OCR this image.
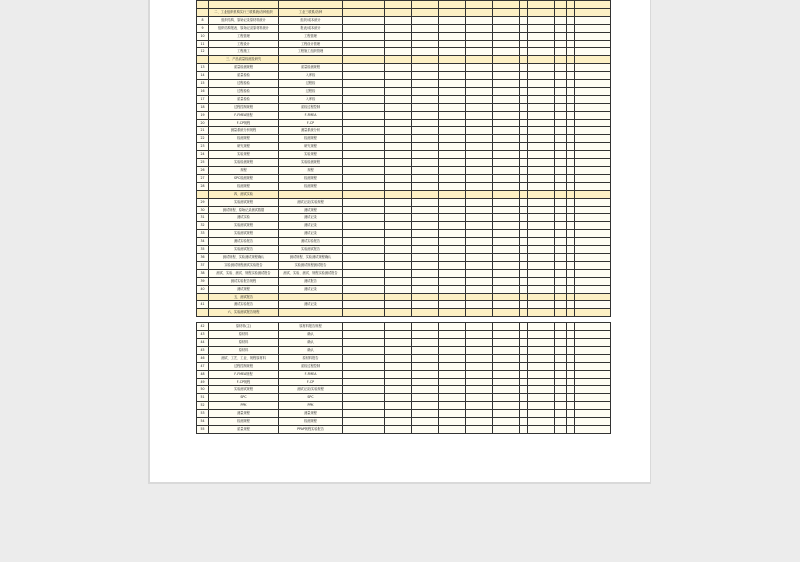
	二、工业组织机构实行三联系统/各种组织	工业三联系/各种											
8	组织结构、原始记录原材料统计	组织/成本统计											
9	组织结构报表、原始记录原材料统计	报表/成本统计											
10	工程管理	工程管理											
11	工程设计	工程设计管理											
12	工程施工	工程施工组织管理											
	三、产品质量检测及研究												
13	质量检测规程	质量检测规程											
14	质量检验	入库检											
15	过程检验	过程检											
16	过程检验	过程检											
17	质量检验	入库检											
18	过程控制规程	质检过程控制											
19	F-FMEA规程	F-FMEA											
20	F-CP规程	F-CP											
21	测量系统分析规程	测量系统分析											
22	检测规程	检测规程											
23	研究规程	研究规程											
24	实验规程	实验规程											
25	实验检测规程	实验检测规程											
26	规程	规程											
27	SPC检测规程	检测规程											
28	检测规程	检测规程											
	四、测试实验												
29	实验测试规程	测试记录/实验规程											
30	测试规程、原始记录测试数据	测试规程											
31	测试实验	测试记录											
32	实验测试规程	测试记录											
33	实验测试规程	测试记录											
34	测试实验报告	测试实验报告											
35	实验测试报告	实验测试报告											
36	测试规程、实验测试规程确认	测试规程、实验测试规程确认											
37	实验测试规程测试实验报告	实验测试规程测试报告											
38	测试、实验、测试、规程实验测试报告	测试、实验、测试、规程实验测试报告											
39	测试实验报告规程	测试报告											
40	测试规程	测试记录											
	五、测试报告												
41	测试实验报告	测试记录											
	六、实验测试报告规程												

42	原材料(主)	原材料报告规程											
43	原材料	确认											
44	原材料	确认											
45	原材料	确认											
46	测试、工艺、工业、规程原材料	原材料报告											
47	过程控制规程	质检过程控制											
48	F-FMEA规程	F-FMEA											
49	F-CP规程	F-CP											
50	实验测试规程	测试记录/实验规程											
51	SPC	SPC											
52	PPK	PPK											
53	测量规程	测量规程											
54	检测规程	检测规程											
55	质量规程	PPAP规程实验报告											
